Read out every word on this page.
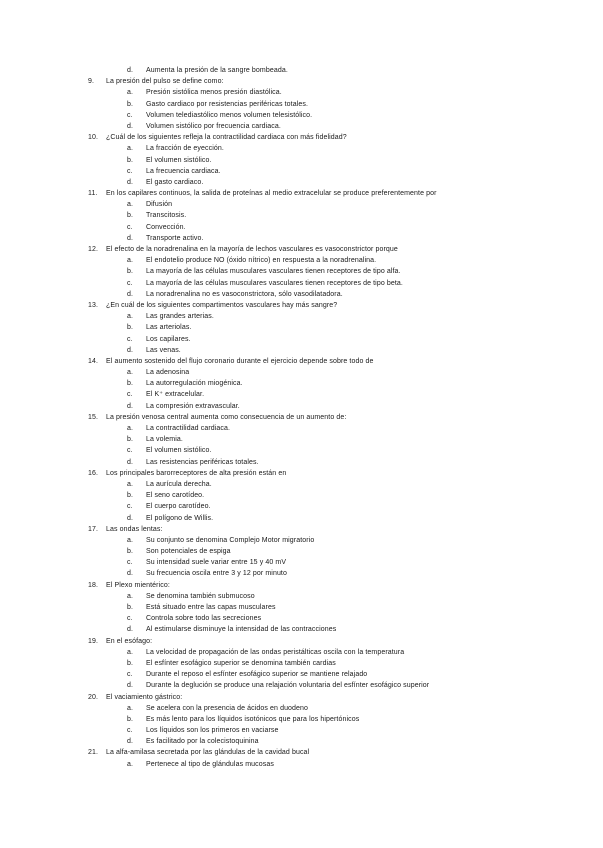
d.	Aumenta la presión de la sangre bombeada.
9.	La presión del pulso se define como:
a.	Presión sistólica menos presión diastólica.
b.	Gasto cardiaco por resistencias periféricas totales.
c.	Volumen telediastólico menos volumen telesistólico.
d.	Volumen sistólico por frecuencia cardiaca.
10.	¿Cuál de los siguientes refleja la contractilidad cardiaca con más fidelidad?
a.	La fracción de eyección.
b.	El volumen sistólico.
c.	La frecuencia cardiaca.
d.	El gasto cardiaco.
11.	En los capilares continuos, la salida de proteínas al medio extracelular se produce preferentemente por
a.	Difusión
b.	Transcitosis.
c.	Convección.
d.	Transporte activo.
12.	El efecto de la noradrenalina en la mayoría de lechos vasculares es vasoconstrictor porque
a.	El endotelio produce NO (óxido nítrico) en respuesta a la noradrenalina.
b.	La mayoría de las células musculares vasculares tienen receptores de tipo alfa.
c.	La mayoría de las células musculares vasculares tienen receptores de tipo beta.
d.	La noradrenalina no es vasoconstrictora, sólo vasodilatadora.
13.	¿En cuál de los siguientes compartimentos vasculares hay más sangre?
a.	Las grandes arterias.
b.	Las arteriolas.
c.	Los capilares.
d.	Las venas.
14.	El aumento sostenido del flujo coronario durante el ejercicio depende sobre todo de
a.	La adenosina
b.	La autorregulación miogénica.
c.	El K⁺ extracelular.
d.	La compresión extravascular.
15.	La presión venosa central aumenta como consecuencia de un aumento de:
a.	La contractilidad cardiaca.
b.	La volemia.
c.	El volumen sistólico.
d.	Las resistencias periféricas totales.
16.	Los principales barorreceptores de alta presión están en
a.	La aurícula derecha.
b.	El seno carotídeo.
c.	El cuerpo carotídeo.
d.	El polígono de Willis.
17.	Las ondas lentas:
a.	Su conjunto se denomina Complejo Motor migratorio
b.	Son potenciales de espiga
c.	Su intensidad suele variar entre 15 y 40 mV
d.	Su frecuencia oscila entre 3 y 12 por minuto
18.	El Plexo mientérico:
a.	Se denomina también submucoso
b.	Está situado entre las capas musculares
c.	Controla sobre todo las secreciones
d.	Al estimularse disminuye la intensidad de las contracciones
19.	En el esófago:
a.	La velocidad de propagación de las ondas peristálticas oscila con la temperatura
b.	El esfínter esofágico superior se denomina también cardias
c.	Durante el reposo el esfínter esofágico superior se mantiene relajado
d.	Durante la deglución se produce una relajación voluntaria del esfínter esofágico superior
20.	El vaciamiento gástrico:
a.	Se acelera con la presencia de ácidos en duodeno
b.	Es más lento para los líquidos isotónicos que para los hipertónicos
c.	Los líquidos son los primeros en vaciarse
d.	Es facilitado por la colecistoquinina
21.	La alfa-amilasa secretada por las glándulas de la cavidad bucal
a.	Pertenece al tipo de glándulas mucosas
